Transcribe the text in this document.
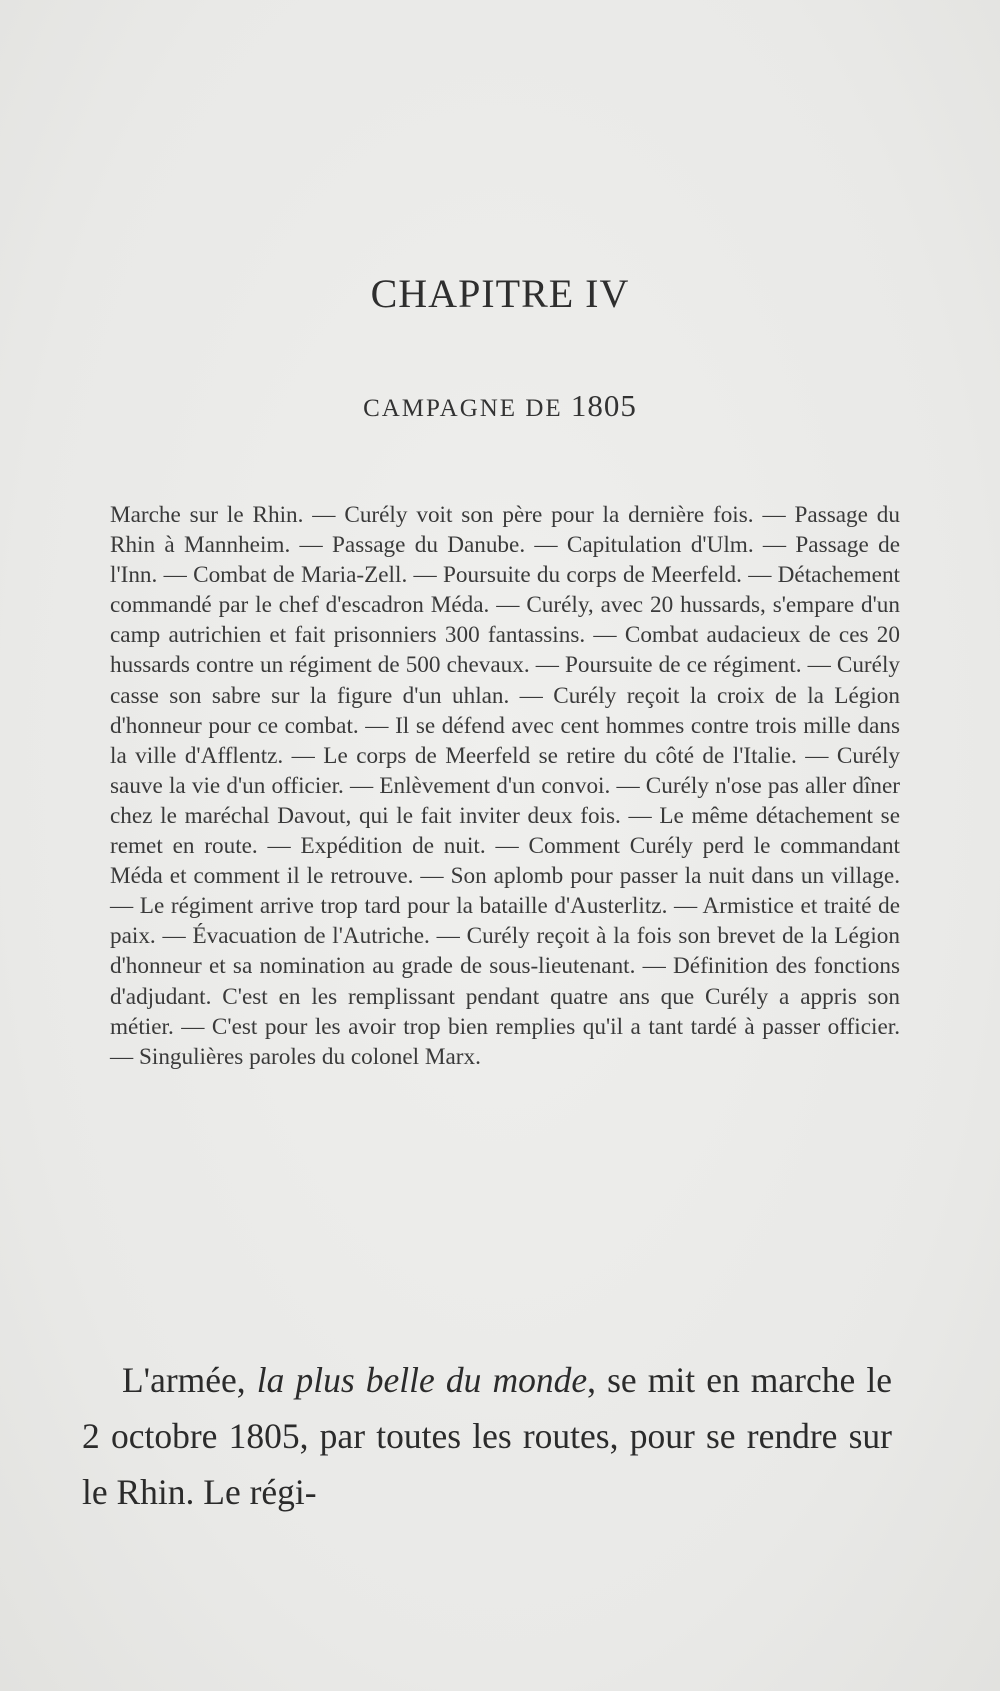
CHAPITRE IV
CAMPAGNE DE 1805

Marche sur le Rhin. — Curély voit son père pour la dernière fois. — Passage du Rhin à Mannheim. — Passage du Danube. — Capitulation d'Ulm. — Passage de l'Inn. — Combat de Maria-Zell. — Poursuite du corps de Meerfeld. — Détachement commandé par le chef d'escadron Méda. — Curély, avec 20 hussards, s'empare d'un camp autrichien et fait prisonniers 300 fantassins. — Combat audacieux de ces 20 hussards contre un régiment de 500 chevaux. — Poursuite de ce régiment. — Curély casse son sabre sur la figure d'un uhlan. — Curély reçoit la croix de la Légion d'honneur pour ce combat. — Il se défend avec cent hommes contre trois mille dans la ville d'Afflentz. — Le corps de Meerfeld se retire du côté de l'Italie. — Curély sauve la vie d'un officier. — Enlèvement d'un convoi. — Curély n'ose pas aller dîner chez le maréchal Davout, qui le fait inviter deux fois. — Le même détachement se remet en route. — Expédition de nuit. — Comment Curély perd le commandant Méda et comment il le retrouve. — Son aplomb pour passer la nuit dans un village. — Le régiment arrive trop tard pour la bataille d'Austerlitz. — Armistice et traité de paix. — Évacuation de l'Autriche. — Curély reçoit à la fois son brevet de la Légion d'honneur et sa nomination au grade de sous-lieutenant. — Définition des fonctions d'adjudant. C'est en les remplissant pendant quatre ans que Curély a appris son métier. — C'est pour les avoir trop bien remplies qu'il a tant tardé à passer officier. — Singulières paroles du colonel Marx.

L'armée, la plus belle du monde, se mit en marche le 2 octobre 1805, par toutes les routes, pour se rendre sur le Rhin. Le régi-
